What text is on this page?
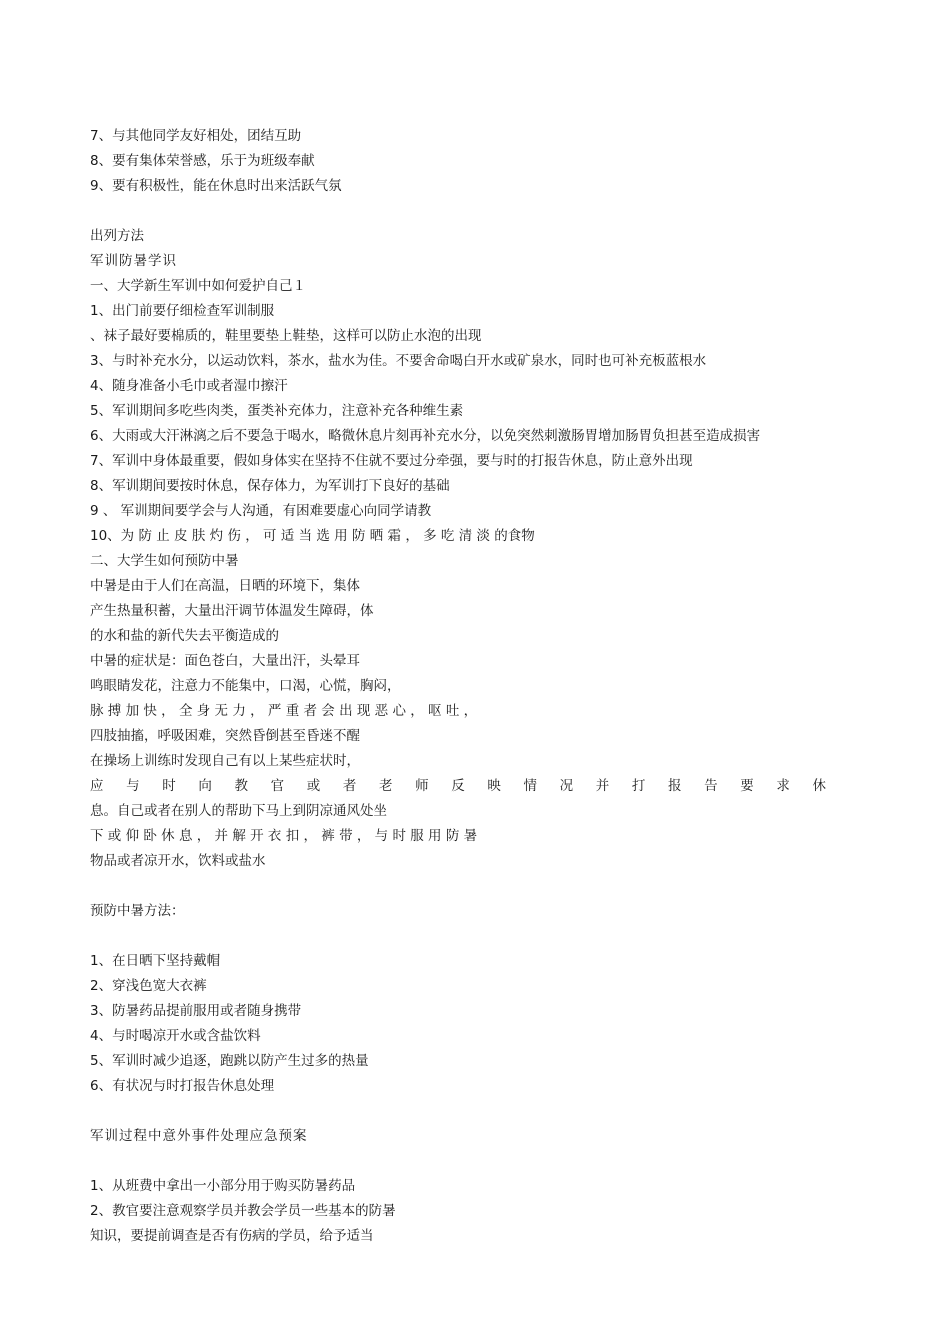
7、与其他同学友好相处，团结互助
8、要有集体荣誉感，乐于为班级奉献
9、要有积极性，能在休息时出来活跃气氛
出列方法
军训防暑学识
一、大学新生军训中如何爱护自己１
1、出门前要仔细检查军训制服
、袜子最好要棉质的，鞋里要垫上鞋垫，这样可以防止水泡的出现
3、与时补充水分，以运动饮料，茶水，盐水为佳。不要舍命喝白开水或矿泉水，同时也可补充板蓝根水
4、随身准备小毛巾或者湿巾擦汗
5、军训期间多吃些肉类，蛋类补充体力，注意补充各种维生素
6、大雨或大汗淋漓之后不要急于喝水，略微休息片刻再补充水分，以免突然刺激肠胃增加肠胃负担甚至造成损害
7、军训中身体最重要，假如身体实在坚持不住就不要过分牵强，要与时的打报告休息，防止意外出现
8、军训期间要按时休息，保存体力，为军训打下良好的基础
9 、 军训期间要学会与人沟通，有困难要虚心向同学请教
10、为 防 止 皮 肤 灼 伤 ， 可 适 当 选 用 防 晒 霜 ， 多 吃 清 淡 的食物
二、大学生如何预防中暑
中暑是由于人们在高温，日晒的环境下，集体
产生热量积蓄，大量出汗调节体温发生障碍，体
的水和盐的新代失去平衡造成的
中暑的症状是：面色苍白，大量出汗，头晕耳
鸣眼睛发花，注意力不能集中，口渴，心慌，胸闷，
脉 搏 加 快 ， 全 身 无 力 ， 严 重 者 会 出 现 恶 心 ， 呕 吐 ，
四肢抽搐，呼吸困难，突然昏倒甚至昏迷不醒
在操场上训练时发现自己有以上某些症状时，
应 与 时 向 教 官 或 者 老 师 反 映 情 况 并 打 报 告 要 求 休
息。自己或者在别人的帮助下马上到阴凉通风处坐
下 或 仰 卧 休 息 ， 并 解 开 衣 扣 ， 裤 带 ， 与 时 服 用 防 暑
物品或者凉开水，饮料或盐水
预防中暑方法：
1、在日晒下坚持戴帽
2、穿浅色宽大衣裤
3、防暑药品提前服用或者随身携带
4、与时喝凉开水或含盐饮料
5、军训时减少追逐，跑跳以防产生过多的热量
6、有状况与时打报告休息处理
军训过程中意外事件处理应急预案
1、从班费中拿出一小部分用于购买防暑药品
2、教官要注意观察学员并教会学员一些基本的防暑
知识，要提前调查是否有伤病的学员，给予适当
